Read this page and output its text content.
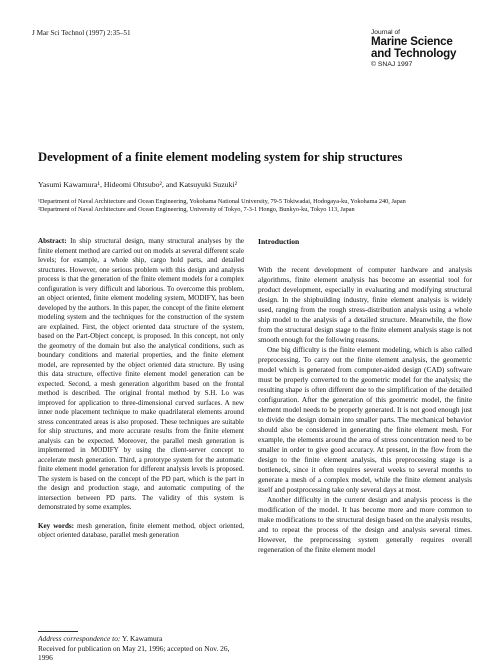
J Mar Sci Technol (1997) 2:35–51	Journal of
Marine Science
and Technology
© SNAJ 1997
Development of a finite element modeling system for ship structures
Yasumi Kawamura¹, Hideomi Ohtsubo², and Katsuyuki Suzuki²

¹Department of Naval Architecture and Ocean Engineering, Yokohama National University, 79-5 Tokiwadai, Hodogaya-ku, Yokohama 240, Japan

²Department of Naval Architecture and Ocean Engineering, University of Tokyo, 7-3-1 Hongo, Bunkyo-ku, Tokyo 113, Japan

Abstract: In ship structural design, many structural analyses by the finite element method are carried out on models at several different scale levels; for example, a whole ship, cargo hold parts, and detailed structures. However, one serious problem with this design and analysis process is that the generation of the finite element models for a complex configuration is very difficult and laborious. To overcome this problem, an object oriented, finite element modeling system, MODIFY, has been developed by the authors. In this paper, the concept of the finite element modeling system and the techniques for the construction of the system are explained. First, the object oriented data structure of the system, based on the Part-Object concept, is proposed. In this concept, not only the geometry of the domain but also the analytical conditions, such as boundary conditions and material properties, and the finite element model, are represented by the object oriented data structure. By using this data structure, effective finite element model generation can be expected. Second, a mesh generation algorithm based on the frontal method is described. The original frontal method by S.H. Lo was improved for application to three-dimensional curved surfaces. A new inner node placement technique to make quadrilateral elements around stress concentrated areas is also proposed. These techniques are suitable for ship structures, and more accurate results from the finite element analysis can be expected. Moreover, the parallel mesh generation is implemented in MODIFY by using the client-server concept to accelerate mesh generation. Third, a prototype system for the automatic finite element model generation for different analysis levels is proposed. The system is based on the concept of the PD part, which is the part in the design and production stage, and automatic computing of the intersection between PD parts. The validity of this system is demonstrated by some examples.

Key words: mesh generation, finite element method, object oriented, object oriented database, parallel mesh generation

Address correspondence to: Y. Kawamura

Received for publication on May 21, 1996; accepted on Nov. 26, 1996

Introduction

With the recent development of computer hardware and analysis algorithms, finite element analysis has become an essential tool for product development, especially in evaluating and modifying structural design. In the shipbuilding industry, finite element analysis is widely used, ranging from the rough stress-distribution analysis using a whole ship model to the analysis of a detailed structure. Meanwhile, the flow from the structural design stage to the finite element analysis stage is not smooth enough for the following reasons.

One big difficulty is the finite element modeling, which is also called preprocessing. To carry out the finite element analysis, the geometric model which is generated from computer-aided design (CAD) software must be properly converted to the geometric model for the analysis; the resulting shape is often different due to the simplification of the detailed configuration. After the generation of this geometric model, the finite element model needs to be properly generated. It is not good enough just to divide the design domain into smaller parts. The mechanical behavior should also be considered in generating the finite element mesh. For example, the elements around the area of stress concentration need to be smaller in order to give good accuracy. At present, in the flow from the design to the finite element analysis, this preprocessing stage is a bottleneck, since it often requires several weeks to several months to generate a mesh of a complex model, while the finite element analysis itself and postprocessing take only several days at most.

Another difficulty in the current design and analysis process is the modification of the model. It has become more and more common to make modifications to the structural design based on the analysis results, and to repeat the process of the design and analysis several times. However, the preprocessing system generally requires overall regeneration of the finite element model
